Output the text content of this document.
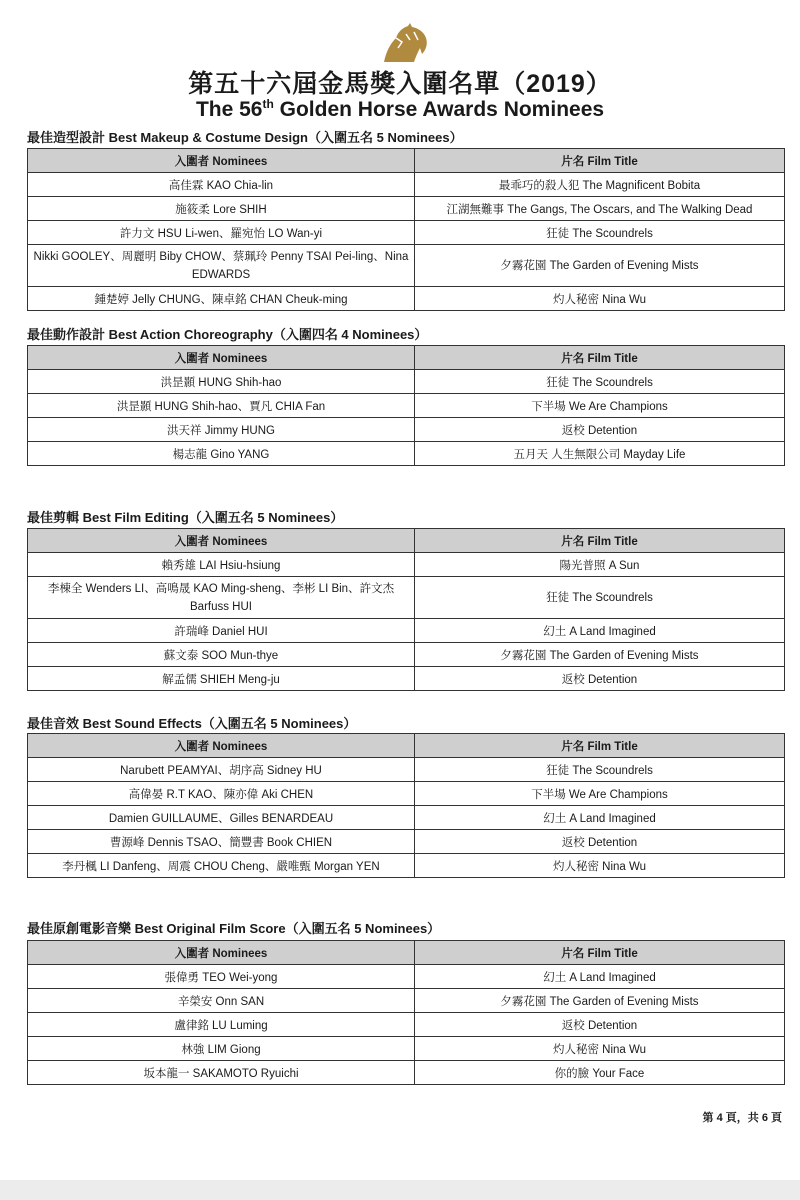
第五十六屆金馬獎入圍名單（2019）
The 56th Golden Horse Awards Nominees
最佳造型設計 Best Makeup & Costume Design（入圍五名 5 Nominees）
入圍者 Nominees	片名 Film Title
高佳霖 KAO Chia-lin	最乖巧的殺人犯 The Magnificent Bobita
施筱柔 Lore SHIH	江湖無難事 The Gangs, The Oscars, and The Walking Dead
許力文 HSU Li-wen、羅宛怡 LO Wan-yi	狂徒 The Scoundrels
Nikki GOOLEY、周麗明 Biby CHOW、蔡珮玲 Penny TSAI Pei-ling、Nina EDWARDS	夕霧花園 The Garden of Evening Mists
鍾楚婷 Jelly CHUNG、陳卓銘 CHAN Cheuk-ming	灼人秘密 Nina Wu
最佳動作設計 Best Action Choreography（入圍四名 4 Nominees）
入圍者 Nominees	片名 Film Title
洪昰顥 HUNG Shih-hao	狂徒 The Scoundrels
洪昰顥 HUNG Shih-hao、賈凡 CHIA Fan	下半場 We Are Champions
洪天祥 Jimmy HUNG	返校 Detention
楊志龍 Gino YANG	五月天 人生無限公司 Mayday Life
最佳剪輯 Best Film Editing（入圍五名 5 Nominees）
入圍者 Nominees	片名 Film Title
賴秀雄 LAI Hsiu-hsiung	陽光普照 A Sun
李棟全 Wenders LI、高鳴晟 KAO Ming-sheng、李彬 LI Bin、許文杰 Barfuss HUI	狂徒 The Scoundrels
許瑞峰 Daniel HUI	幻土 A Land Imagined
蘇文泰 SOO Mun-thye	夕霧花園 The Garden of Evening Mists
解孟儒 SHIEH Meng-ju	返校 Detention
最佳音效 Best Sound Effects（入圍五名 5 Nominees）
入圍者 Nominees	片名 Film Title
Narubett PEAMYAI、胡序高 Sidney HU	狂徒 The Scoundrels
高偉晏 R.T KAO、陳亦偉 Aki CHEN	下半場 We Are Champions
Damien GUILLAUME、Gilles BENARDEAU	幻土 A Land Imagined
曹源峰 Dennis TSAO、簡豐書 Book CHIEN	返校 Detention
李丹楓 LI Danfeng、周震 CHOU Cheng、嚴唯甄 Morgan YEN	灼人秘密 Nina Wu
最佳原創電影音樂 Best Original Film Score（入圍五名 5 Nominees）
入圍者 Nominees	片名 Film Title
張偉勇 TEO Wei-yong	幻土 A Land Imagined
辛榮安 Onn SAN	夕霧花園 The Garden of Evening Mists
盧律銘 LU Luming	返校 Detention
林強 LIM Giong	灼人秘密 Nina Wu
坂本龍一 SAKAMOTO Ryuichi	你的臉 Your Face
第 4 頁，共 6 頁
